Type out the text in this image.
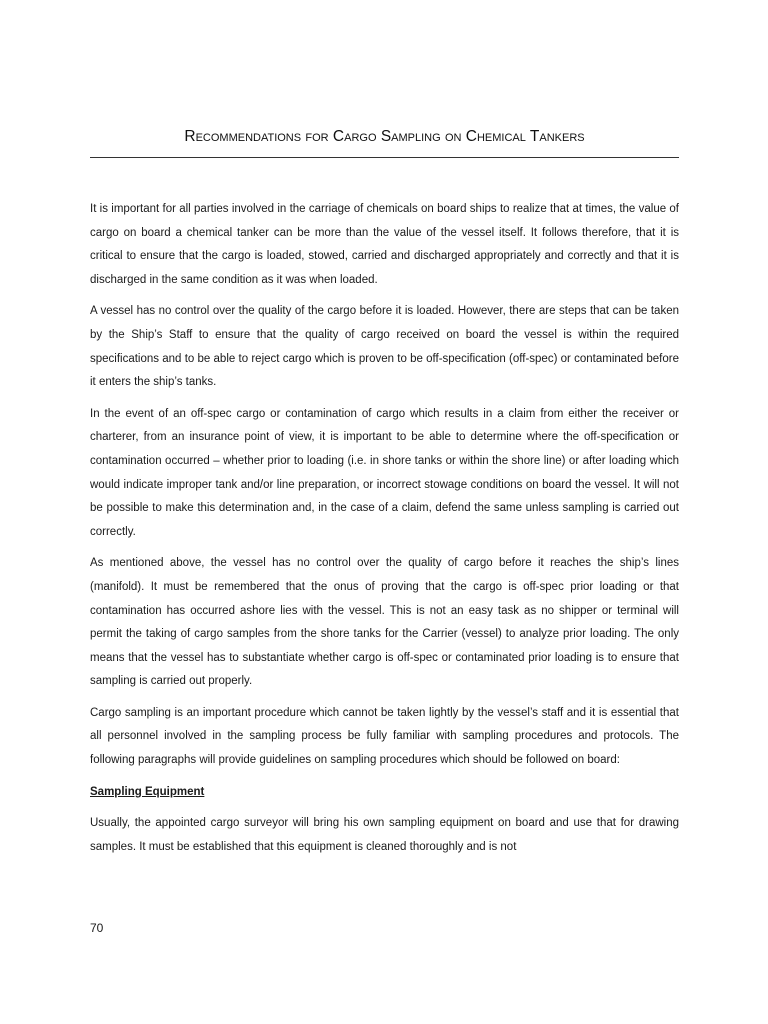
Recommendations for Cargo Sampling on Chemical Tankers

It is important for all parties involved in the carriage of chemicals on board ships to realize that at times, the value of cargo on board a chemical tanker can be more than the value of the vessel itself. It follows therefore, that it is critical to ensure that the cargo is loaded, stowed, carried and discharged appropriately and correctly and that it is discharged in the same condition as it was when loaded.

A vessel has no control over the quality of the cargo before it is loaded. However, there are steps that can be taken by the Ship’s Staff to ensure that the quality of cargo received on board the vessel is within the required specifications and to be able to reject cargo which is proven to be off-specification (off-spec) or contaminated before it enters the ship’s tanks.

In the event of an off-spec cargo or contamination of cargo which results in a claim from either the receiver or charterer, from an insurance point of view, it is important to be able to determine where the off-specification or contamination occurred – whether prior to loading (i.e. in shore tanks or within the shore line) or after loading which would indicate improper tank and/or line preparation, or incorrect stowage conditions on board the vessel. It will not be possible to make this determination and, in the case of a claim, defend the same unless sampling is carried out correctly.

As mentioned above, the vessel has no control over the quality of cargo before it reaches the ship’s lines (manifold). It must be remembered that the onus of proving that the cargo is off-spec prior loading or that contamination has occurred ashore lies with the vessel. This is not an easy task as no shipper or terminal will permit the taking of cargo samples from the shore tanks for the Carrier (vessel) to analyze prior loading. The only means that the vessel has to substantiate whether cargo is off-spec or contaminated prior loading is to ensure that sampling is carried out properly.

Cargo sampling is an important procedure which cannot be taken lightly by the vessel’s staff and it is essential that all personnel involved in the sampling process be fully familiar with sampling procedures and protocols. The following paragraphs will provide guidelines on sampling procedures which should be followed on board:

Sampling Equipment

Usually, the appointed cargo surveyor will bring his own sampling equipment on board and use that for drawing samples. It must be established that this equipment is cleaned thoroughly and is not

70
